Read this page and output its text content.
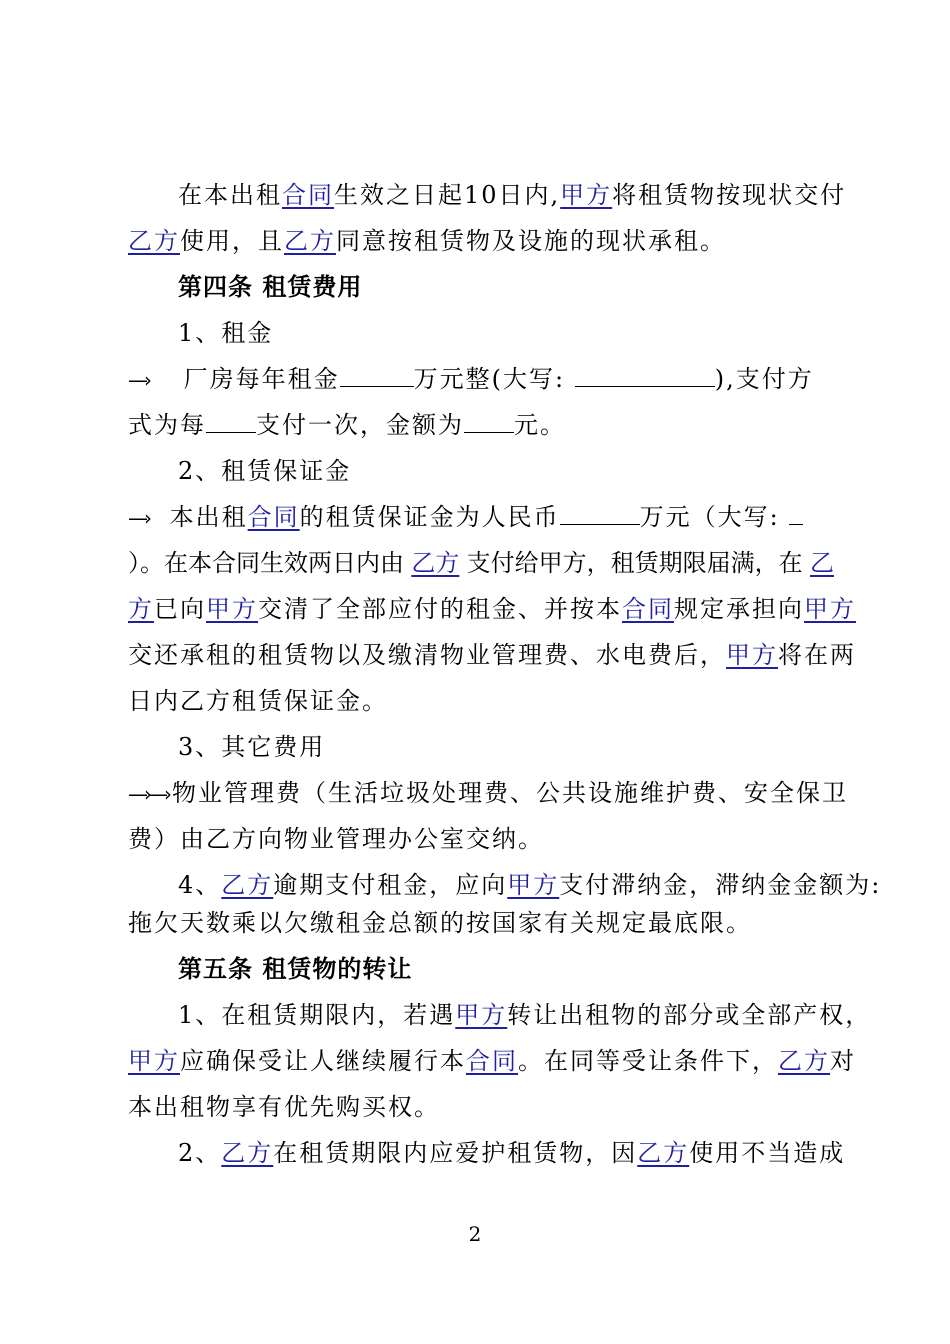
在本出租合同生效之日起10日内,甲方将租赁物按现状交付
乙方使用，且乙方同意按租赁物及设施的现状承租。
第四条 租赁费用
1、租金
—› 厂房每年租金	万元整(大写:	),支付方
式为每 支付一次，金额为 元。
2、租赁保证金
—› 本出租合同的租赁保证金为人民币	万元（大写:
）。在本合同生效两日内由 乙方 支付给甲方，租赁期限届满，在 乙
方已向甲方交清了全部应付的租金、并按本合同规定承担向甲方
交还承租的租赁物以及缴清物业管理费、水电费后，甲方将在两
日内乙方租赁保证金。
3、其它费用
—›—› 物业管理费（生活垃圾处理费、公共设施维护费、安全保卫
费）由乙方向物业管理办公室交纳。
4、乙方逾期支付租金，应向甲方支付滞纳金，滞纳金金额为:
拖欠天数乘以欠缴租金总额的按国家有关规定最底限。
第五条 租赁物的转让
1、在租赁期限内，若遇甲方转让出租物的部分或全部产权，
甲方应确保受让人继续履行本合同。在同等受让条件下，乙方对
本出租物享有优先购买权。
2、乙方在租赁期限内应爱护租赁物，因乙方使用不当造成
2
